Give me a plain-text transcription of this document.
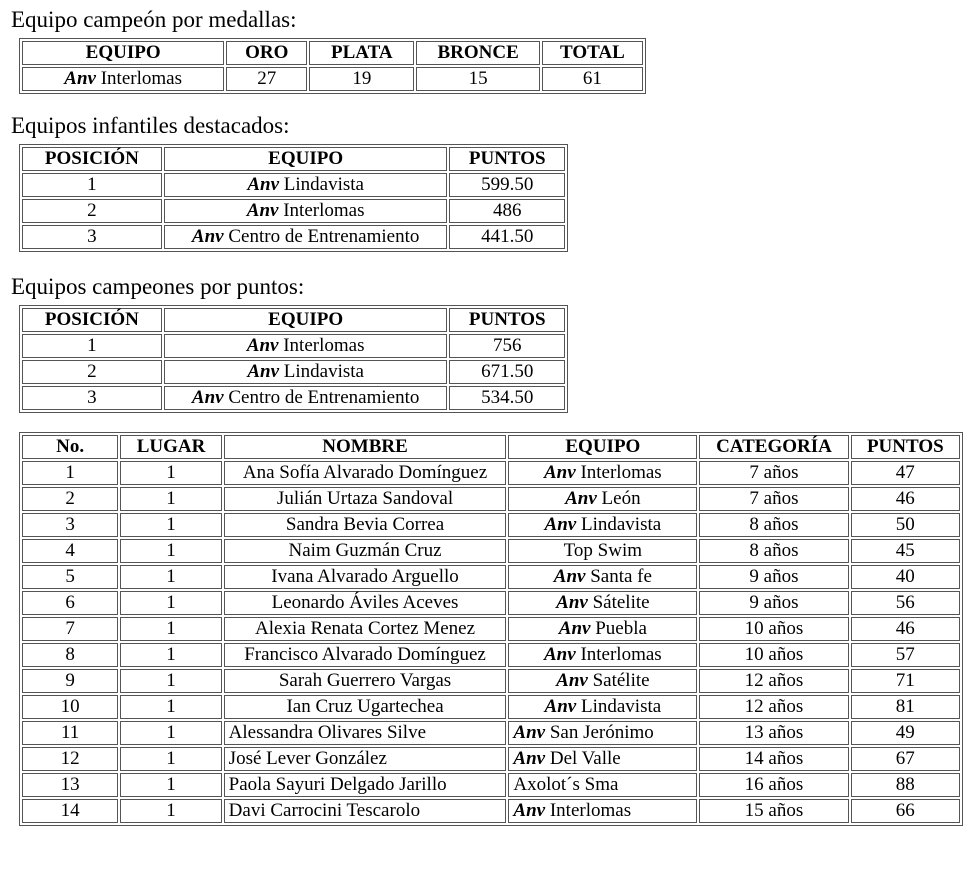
Equipo campeón por medallas:
EQUIPO	ORO	PLATA	BRONCE	TOTAL
Anv Interlomas	27	19	15	61
Equipos infantiles destacados:
POSICIÓN	EQUIPO	PUNTOS
1	Anv Lindavista	599.50
2	Anv Interlomas	486
3	Anv Centro de Entrenamiento	441.50
Equipos campeones por puntos:
POSICIÓN	EQUIPO	PUNTOS
1	Anv Interlomas	756
2	Anv Lindavista	671.50
3	Anv Centro de Entrenamiento	534.50
No.	LUGAR	NOMBRE	EQUIPO	CATEGORÍA	PUNTOS
1	1	Ana Sofía Alvarado Domínguez	Anv Interlomas	7 años	47
2	1	Julián Urtaza Sandoval	Anv León	7 años	46
3	1	Sandra Bevia Correa	Anv Lindavista	8 años	50
4	1	Naim Guzmán Cruz	Top Swim	8 años	45
5	1	Ivana Alvarado Arguello	Anv Santa fe	9 años	40
6	1	Leonardo Áviles Aceves	Anv Sátelite	9 años	56
7	1	Alexia Renata Cortez Menez	Anv Puebla	10 años	46
8	1	Francisco Alvarado Domínguez	Anv Interlomas	10 años	57
9	1	Sarah Guerrero Vargas	Anv Satélite	12 años	71
10	1	Ian Cruz Ugartechea	Anv Lindavista	12 años	81
11	1	Alessandra Olivares Silve	Anv San Jerónimo	13 años	49
12	1	José Lever González	Anv Del Valle	14 años	67
13	1	Paola Sayuri Delgado Jarillo	Axolot´s Sma	16 años	88
14	1	Davi Carrocini Tescarolo	Anv Interlomas	15 años	66
